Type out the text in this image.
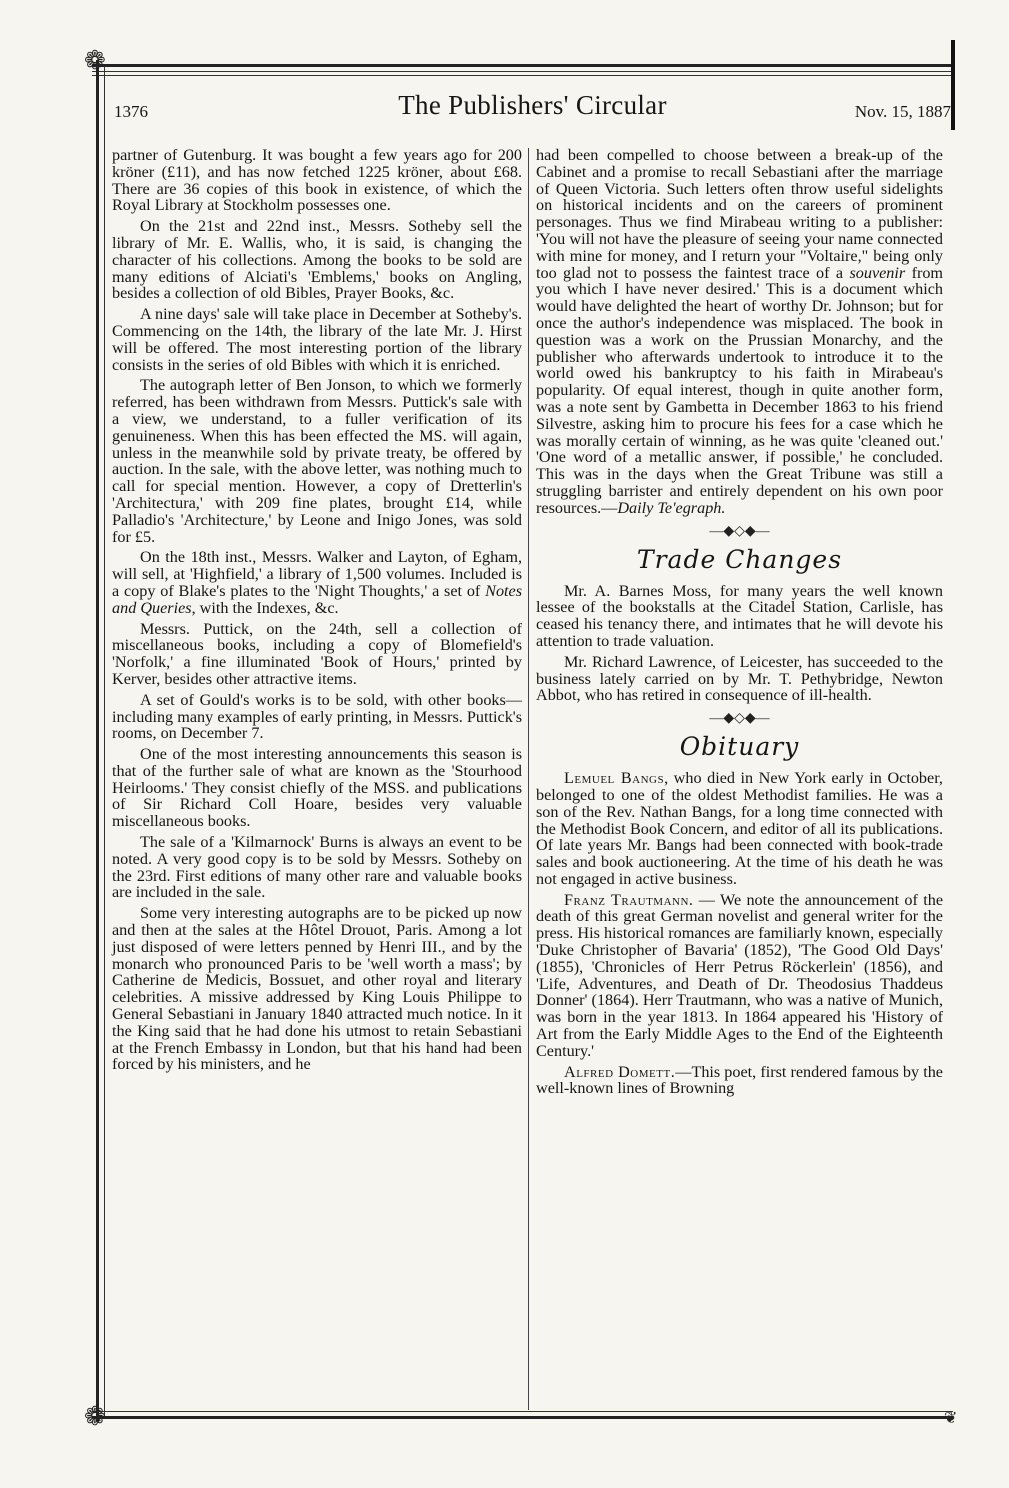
❁
❁	❦
1376	The Publishers' Circular	Nov. 15, 1887

partner of Gutenburg. It was bought a few years ago for 200 kröner (£11), and has now fetched 1225 kröner, about £68. There are 36 copies of this book in existence, of which the Royal Library at Stockholm possesses one.

On the 21st and 22nd inst., Messrs. Sotheby sell the library of Mr. E. Wallis, who, it is said, is changing the character of his collections. Among the books to be sold are many editions of Alciati's 'Emblems,' books on Angling, besides a collection of old Bibles, Prayer Books, &c.

A nine days' sale will take place in December at Sotheby's. Commencing on the 14th, the library of the late Mr. J. Hirst will be offered. The most interesting portion of the library consists in the series of old Bibles with which it is enriched.

The autograph letter of Ben Jonson, to which we formerly referred, has been withdrawn from Messrs. Puttick's sale with a view, we understand, to a fuller verification of its genuineness. When this has been effected the MS. will again, unless in the meanwhile sold by private treaty, be offered by auction. In the sale, with the above letter, was nothing much to call for special mention. However, a copy of Dretterlin's 'Architectura,' with 209 fine plates, brought £14, while Palladio's 'Architecture,' by Leone and Inigo Jones, was sold for £5.

On the 18th inst., Messrs. Walker and Layton, of Egham, will sell, at 'Highfield,' a library of 1,500 volumes. Included is a copy of Blake's plates to the 'Night Thoughts,' a set of Notes and Queries, with the Indexes, &c.

Messrs. Puttick, on the 24th, sell a collection of miscellaneous books, including a copy of Blomefield's 'Norfolk,' a fine illuminated 'Book of Hours,' printed by Kerver, besides other attractive items.

A set of Gould's works is to be sold, with other books—including many examples of early printing, in Messrs. Puttick's rooms, on December 7.

One of the most interesting announcements this season is that of the further sale of what are known as the 'Stourhood Heirlooms.' They consist chiefly of the MSS. and publications of Sir Richard Coll Hoare, besides very valuable miscellaneous books.

The sale of a 'Kilmarnock' Burns is always an event to be noted. A very good copy is to be sold by Messrs. Sotheby on the 23rd. First editions of many other rare and valuable books are included in the sale.

Some very interesting autographs are to be picked up now and then at the sales at the Hôtel Drouot, Paris. Among a lot just disposed of were letters penned by Henri III., and by the monarch who pronounced Paris to be 'well worth a mass'; by Catherine de Medicis, Bossuet, and other royal and literary celebrities. A missive addressed by King Louis Philippe to General Sebastiani in January 1840 attracted much notice. In it the King said that he had done his utmost to retain Sebastiani at the French Embassy in London, but that his hand had been forced by his ministers, and he

had been compelled to choose between a break-up of the Cabinet and a promise to recall Sebastiani after the marriage of Queen Victoria. Such letters often throw useful sidelights on historical incidents and on the careers of prominent personages. Thus we find Mirabeau writing to a publisher: 'You will not have the pleasure of seeing your name connected with mine for money, and I return your "Voltaire," being only too glad not to possess the faintest trace of a souvenir from you which I have never desired.' This is a document which would have delighted the heart of worthy Dr. Johnson; but for once the author's independence was misplaced. The book in question was a work on the Prussian Monarchy, and the publisher who afterwards undertook to introduce it to the world owed his bankruptcy to his faith in Mirabeau's popularity. Of equal interest, though in quite another form, was a note sent by Gambetta in December 1863 to his friend Silvestre, asking him to procure his fees for a case which he was morally certain of winning, as he was quite 'cleaned out.' 'One word of a metallic answer, if possible,' he concluded. This was in the days when the Great Tribune was still a struggling barrister and entirely dependent on his own poor resources.—Daily Te'egraph.

—◆◇◆—
Trade Changes

Mr. A. Barnes Moss, for many years the well known lessee of the bookstalls at the Citadel Station, Carlisle, has ceased his tenancy there, and intimates that he will devote his attention to trade valuation.

Mr. Richard Lawrence, of Leicester, has succeeded to the business lately carried on by Mr. T. Pethybridge, Newton Abbot, who has retired in consequence of ill-health.

—◆◇◆—
Obituary

Lemuel Bangs, who died in New York early in October, belonged to one of the oldest Methodist families. He was a son of the Rev. Nathan Bangs, for a long time connected with the Methodist Book Concern, and editor of all its publications. Of late years Mr. Bangs had been connected with book-trade sales and book auctioneering. At the time of his death he was not engaged in active business.

Franz Trautmann. — We note the announcement of the death of this great German novelist and general writer for the press. His historical romances are familiarly known, especially 'Duke Christopher of Bavaria' (1852), 'The Good Old Days' (1855), 'Chronicles of Herr Petrus Röckerlein' (1856), and 'Life, Adventures, and Death of Dr. Theodosius Thaddeus Donner' (1864). Herr Trautmann, who was a native of Munich, was born in the year 1813. In 1864 appeared his 'History of Art from the Early Middle Ages to the End of the Eighteenth Century.'

Alfred Domett.—This poet, first rendered famous by the well-known lines of Browning
